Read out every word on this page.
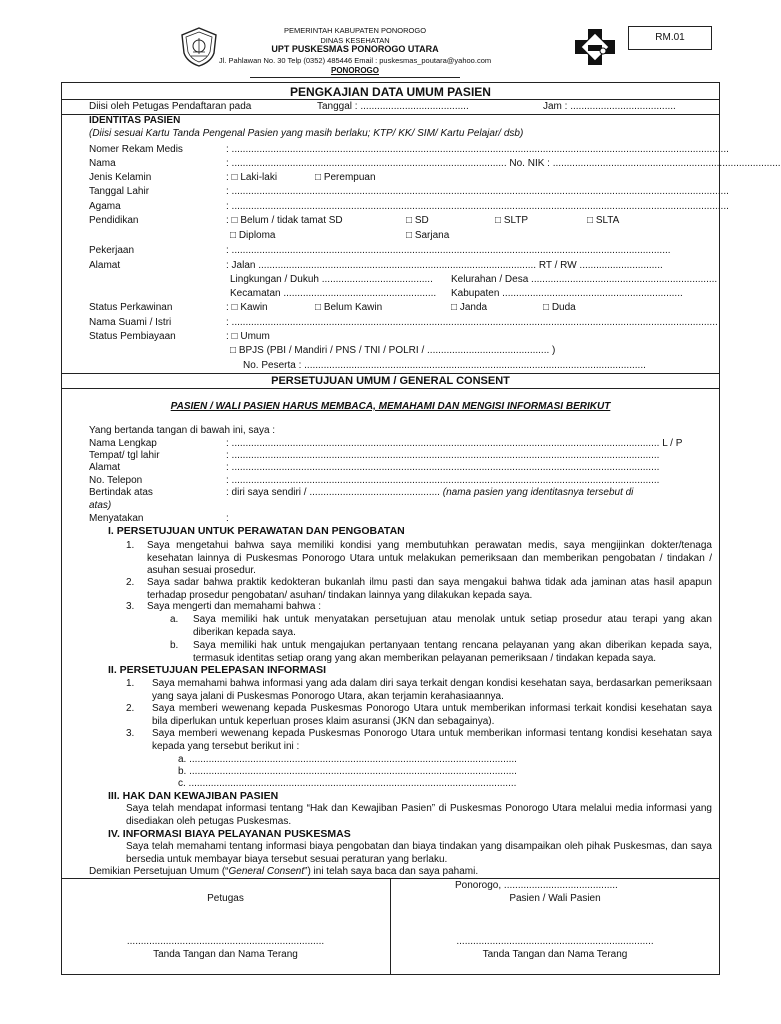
PEMERINTAH KABUPATEN PONOROGO
DINAS KESEHATAN
UPT PUSKESMAS PONOROGO UTARA
Jl. Pahlawan No. 30 Telp (0352) 485446 Email : puskesmas_poutara@yahoo.com
PONOROGO
RM.01
PENGKAJIAN DATA UMUM PASIEN
Diisi oleh Petugas Pendaftaran pada	Tanggal : .......................................	Jam : ......................................
IDENTITAS PASIEN
(Diisi sesuai Kartu Tanda Pengenal Pasien yang masih berlaku; KTP/ KK/ SIM/ Kartu Pelajar/ dsb)
Nomer Rekam Medis	: ...................................................................................................................................................................................
Nama	: ................................................................................................... No. NIK : ..................................................................................
Jenis Kelamin	: □ Laki-laki	□ Perempuan
Tanggal Lahir	: ...................................................................................................................................................................................
Agama	: ...................................................................................................................................................................................
Pendidikan	: □ Belum / tidak tamat SD	□ SD	□ SLTP	□ SLTA
□ Diploma	□ Sarjana
Pekerjaan	: ..............................................................................................................................................................
Alamat	: Jalan .................................................................................................... RT / RW ..............................
Lingkungan / Dukuh ........................................ Kelurahan / Desa ...................................................................
Kecamatan ....................................................... Kabupaten .................................................................
Status Perkawinan	: □ Kawin	□ Belum Kawin	□ Janda	□ Duda
Nama Suami / Istri	: ...............................................................................................................................................................................
Status Pembiayaan	: □ Umum
□ BPJS (PBI / Mandiri / PNS / TNI / POLRI / ............................................ )
No. Peserta : ...........................................................................................................................
PERSETUJUAN UMUM / GENERAL CONSENT
PASIEN / WALI PASIEN HARUS MEMBACA, MEMAHAMI DAN MENGISI INFORMASI BERIKUT
Yang bertanda tangan di bawah ini, saya :
Nama Lengkap	: .......................................................................................................................................................... L / P
Tempat/ tgl lahir	: ..........................................................................................................................................................
Alamat	: ..........................................................................................................................................................
No. Telepon	: ..........................................................................................................................................................
Bertindak atas	: diri saya sendiri / ............................................... (nama pasien yang identitasnya tersebut di
atas)
Menyatakan	:
I. PERSETUJUAN UNTUK PERAWATAN DAN PENGOBATAN
1. Saya mengetahui bahwa saya memiliki kondisi yang membutuhkan perawatan medis, saya mengijinkan dokter/tenaga kesehatan lainnya di Puskesmas Ponorogo Utara untuk melakukan pemeriksaan dan memberikan pengobatan / tindakan / asuhan sesuai prosedur.
2. Saya sadar bahwa praktik kedokteran bukanlah ilmu pasti dan saya mengakui bahwa tidak ada jaminan atas hasil apapun terhadap prosedur pengobatan/ asuhan/ tindakan lainnya yang dilakukan kepada saya.
3. Saya mengerti dan memahami bahwa :
a. Saya memiliki hak untuk menyatakan persetujuan atau menolak untuk setiap prosedur atau terapi yang akan diberikan kepada saya.
b. Saya memiliki hak untuk mengajukan pertanyaan tentang rencana pelayanan yang akan diberikan kepada saya, termasuk identitas setiap orang yang akan memberikan pelayanan pemeriksaan / tindakan kepada saya.
II. PERSETUJUAN PELEPASAN INFORMASI
1. Saya memahami bahwa informasi yang ada dalam diri saya terkait dengan kondisi kesehatan saya, berdasarkan pemeriksaan yang saya jalani di Puskesmas Ponorogo Utara, akan terjamin kerahasiaannya.
2. Saya memberi wewenang kepada Puskesmas Ponorogo Utara untuk memberikan informasi terkait kondisi kesehatan saya bila diperlukan untuk keperluan proses klaim asuransi (JKN dan sebagainya).
3. Saya memberi wewenang kepada Puskesmas Ponorogo Utara untuk memberikan informasi tentang kondisi kesehatan saya kepada yang tersebut berikut ini :
a. ......................................................................................................................
b. ......................................................................................................................
c. ......................................................................................................................
III. HAK DAN KEWAJIBAN PASIEN
Saya telah mendapat informasi tentang “Hak dan Kewajiban Pasien” di Puskesmas Ponorogo Utara melalui media informasi yang disediakan oleh petugas Puskesmas.
IV. INFORMASI BIAYA PELAYANAN PUSKESMAS
Saya telah memahami tentang informasi biaya pengobatan dan biaya tindakan yang disampaikan oleh pihak Puskesmas, dan saya bersedia untuk membayar biaya tersebut sesuai peraturan yang berlaku.
Demikian Persetujuan Umum (“General Consent”) ini telah saya baca dan saya pahami.
Ponorogo, .........................................
Petugas	Pasien / Wali Pasien
.......................................................................	.......................................................................
Tanda Tangan dan Nama Terang	Tanda Tangan dan Nama Terang
